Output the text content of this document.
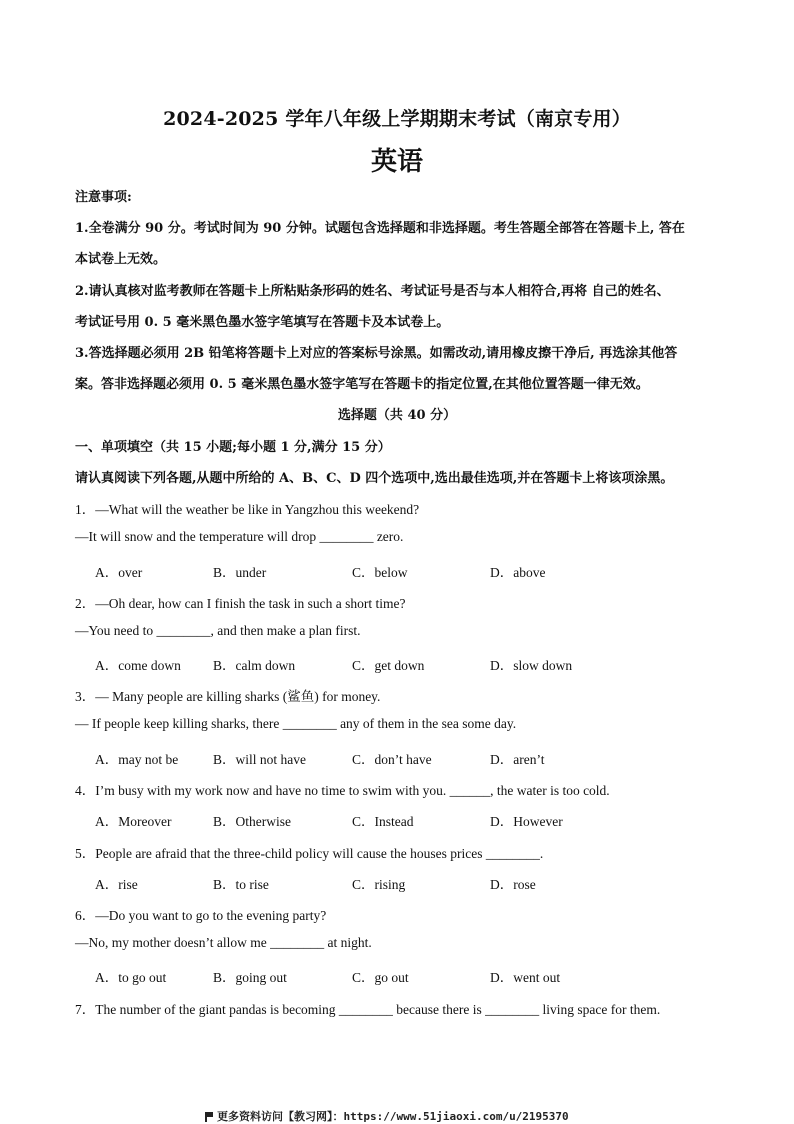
2024-2025 学年八年级上学期期末考试（南京专用）
英语
注意事项:
1.全卷满分 90 分。考试时间为 90 分钟。试题包含选择题和非选择题。考生答题全部答在答题卡上, 答在
本试卷上无效。
2.请认真核对监考教师在答题卡上所粘贴条形码的姓名、考试证号是否与本人相符合,再将 自己的姓名、
考试证号用 0. 5 毫米黑色墨水签字笔填写在答题卡及本试卷上。
3.答选择题必须用 2B 铅笔将答题卡上对应的答案标号涂黑。如需改动,请用橡皮擦干净后, 再选涂其他答
案。答非选择题必须用 0. 5 毫米黑色墨水签字笔写在答题卡的指定位置,在其他位置答题一律无效。
选择题（共 40 分）
一、单项填空（共 15 小题;每小题 1 分,满分 15 分）
请认真阅读下列各题,从题中所给的 A、B、C、D 四个选项中,选出最佳选项,并在答题卡上将该项涂黑。
1．—What will the weather be like in Yangzhou this weekend?
—It will snow and the temperature will drop ________ zero.
A．over	B．under	C．below	D．above
2．—Oh dear, how can I finish the task in such a short time?
—You need to ________, and then make a plan first.
A．come down B．calm down	C．get down	D．slow down
3．— Many people are killing sharks (鲨鱼) for money.
— If people keep killing sharks, there ________ any of them in the sea some day.
A．may not be	B．will not have	C．don’t have	D．aren’t
4．I’m busy with my work now and have no time to swim with you. ______, the water is too cold.
A．Moreover	B．Otherwise	C．Instead	D．However
5．People are afraid that the three-child policy will cause the houses prices ________.
A．rise	B．to rise	C．rising	D．rose
6．—Do you want to go to the evening party?
—No, my mother doesn’t allow me ________ at night.
A．to go out	B．going out	C．go out	D．went out
7．The number of the giant pandas is becoming ________ because there is ________ living space for them.
更多资料访问【教习网】：https://www.51jiaoxi.com/u/2195370
